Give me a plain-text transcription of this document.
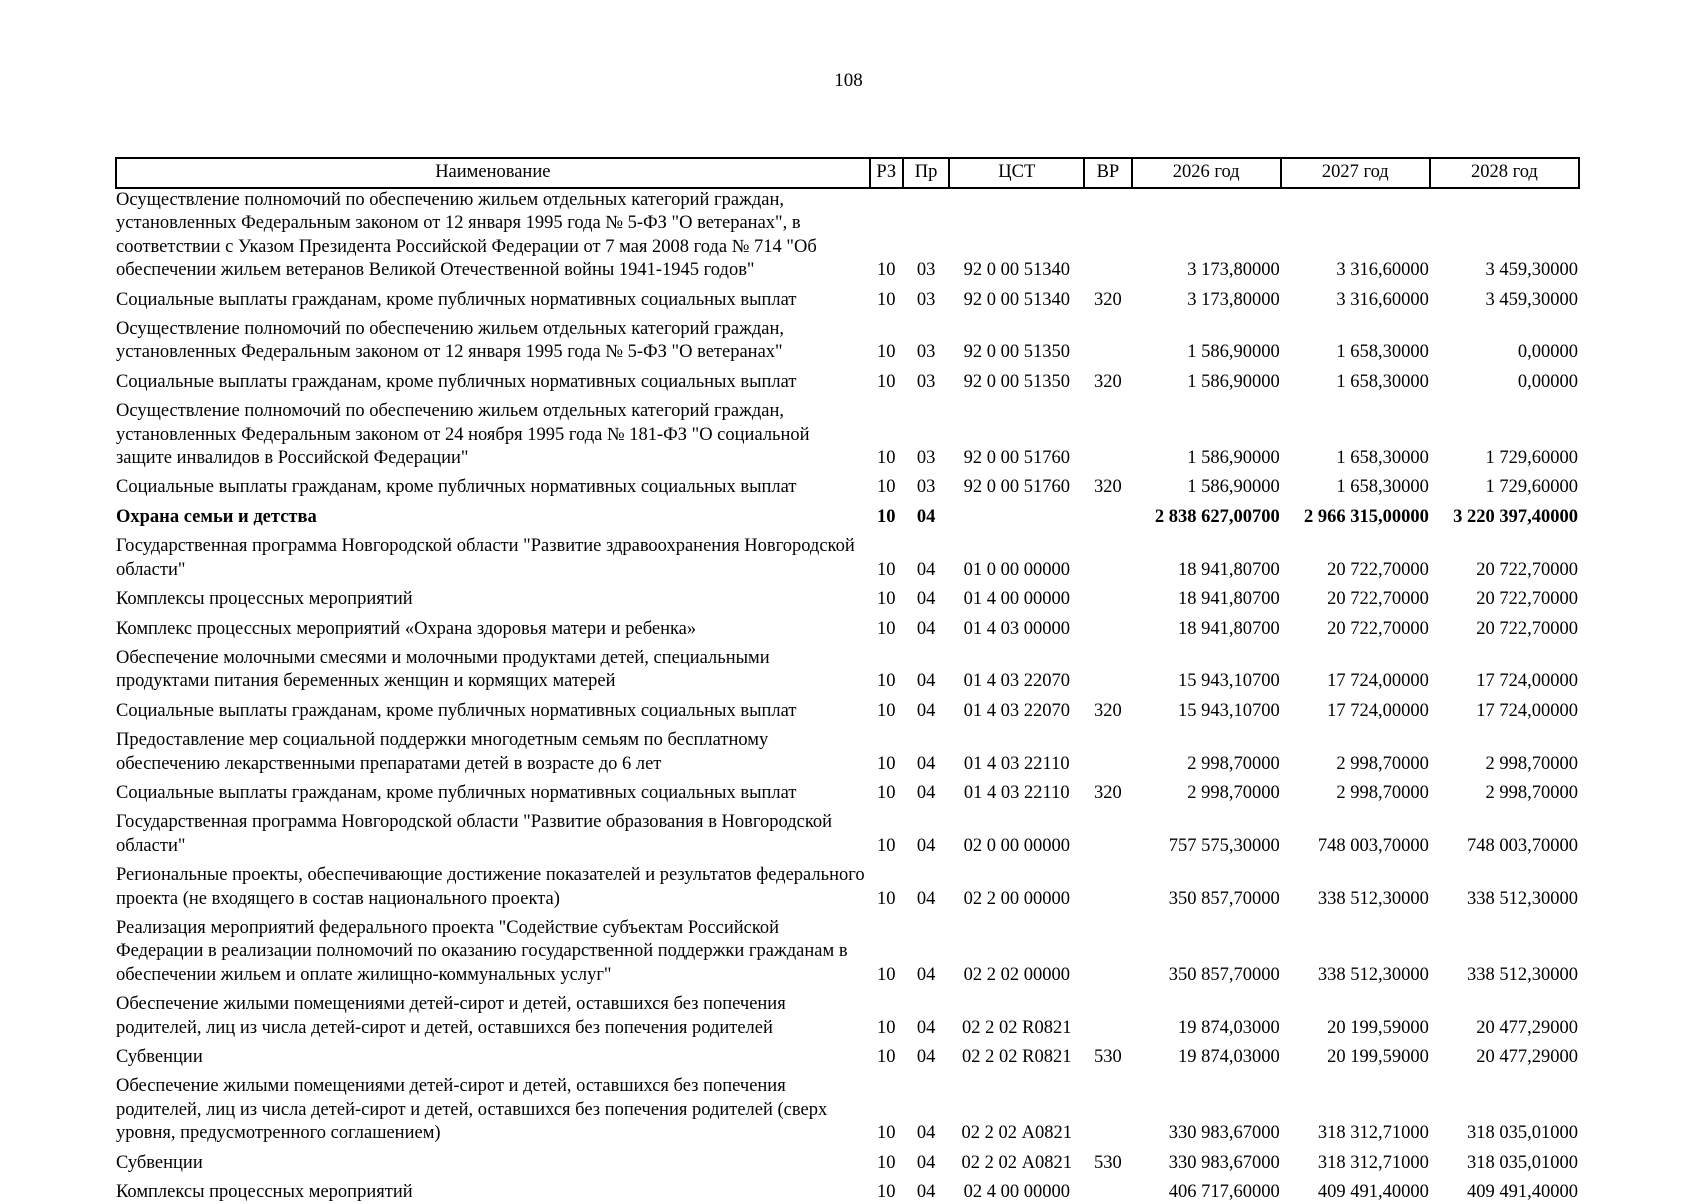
108
Наименование	РЗ	Пр	ЦСТ	ВР	2026 год	2027 год	2028 год
Осуществление полномочий по обеспечению жильем отдельных категорий граждан, установленных Федеральным законом от 12 января 1995 года № 5-ФЗ "О ветеранах", в соответствии с Указом Президента Российской Федерации от 7 мая 2008 года № 714 "Об обеспечении жильем ветеранов Великой Отечественной войны 1941-1945 годов"	10	03	92 0 00 51340		3 173,80000	3 316,60000	3 459,30000
Социальные выплаты гражданам, кроме публичных нормативных социальных выплат	10	03	92 0 00 51340	320	3 173,80000	3 316,60000	3 459,30000
Осуществление полномочий по обеспечению жильем отдельных категорий граждан, установленных Федеральным законом от 12 января 1995 года № 5-ФЗ "О ветеранах"	10	03	92 0 00 51350		1 586,90000	1 658,30000	0,00000
Социальные выплаты гражданам, кроме публичных нормативных социальных выплат	10	03	92 0 00 51350	320	1 586,90000	1 658,30000	0,00000
Осуществление полномочий по обеспечению жильем отдельных категорий граждан, установленных Федеральным законом от 24 ноября 1995 года № 181-ФЗ "О социальной защите инвалидов в Российской Федерации"	10	03	92 0 00 51760		1 586,90000	1 658,30000	1 729,60000
Социальные выплаты гражданам, кроме публичных нормативных социальных выплат	10	03	92 0 00 51760	320	1 586,90000	1 658,30000	1 729,60000
Охрана семьи и детства	10	04			2 838 627,00700	2 966 315,00000	3 220 397,40000
Государственная программа Новгородской области "Развитие здравоохранения Новгородской области"	10	04	01 0 00 00000		18 941,80700	20 722,70000	20 722,70000
Комплексы процессных мероприятий	10	04	01 4 00 00000		18 941,80700	20 722,70000	20 722,70000
Комплекс процессных мероприятий «Охрана здоровья матери и ребенка»	10	04	01 4 03 00000		18 941,80700	20 722,70000	20 722,70000
Обеспечение молочными смесями и молочными продуктами детей, специальными продуктами питания беременных женщин и кормящих матерей	10	04	01 4 03 22070		15 943,10700	17 724,00000	17 724,00000
Социальные выплаты гражданам, кроме публичных нормативных социальных выплат	10	04	01 4 03 22070	320	15 943,10700	17 724,00000	17 724,00000
Предоставление мер социальной поддержки многодетным семьям по бесплатному обеспечению лекарственными препаратами детей в возрасте до 6 лет	10	04	01 4 03 22110		2 998,70000	2 998,70000	2 998,70000
Социальные выплаты гражданам, кроме публичных нормативных социальных выплат	10	04	01 4 03 22110	320	2 998,70000	2 998,70000	2 998,70000
Государственная программа Новгородской области "Развитие образования в Новгородской области"	10	04	02 0 00 00000		757 575,30000	748 003,70000	748 003,70000
Региональные проекты, обеспечивающие достижение показателей и результатов федерального проекта (не входящего в состав национального проекта)	10	04	02 2 00 00000		350 857,70000	338 512,30000	338 512,30000
Реализация мероприятий федерального проекта "Содействие субъектам Российской Федерации в реализации полномочий по оказанию государственной поддержки гражданам в обеспечении жильем и оплате жилищно-коммунальных услуг"	10	04	02 2 02 00000		350 857,70000	338 512,30000	338 512,30000
Обеспечение жилыми помещениями детей-сирот и детей, оставшихся без попечения родителей, лиц из числа детей-сирот и детей, оставшихся без попечения родителей	10	04	02 2 02 R0821		19 874,03000	20 199,59000	20 477,29000
Субвенции	10	04	02 2 02 R0821	530	19 874,03000	20 199,59000	20 477,29000
Обеспечение жилыми помещениями детей-сирот и детей, оставшихся без попечения родителей, лиц из числа детей-сирот и детей, оставшихся без попечения родителей (сверх уровня, предусмотренного соглашением)	10	04	02 2 02 А0821		330 983,67000	318 312,71000	318 035,01000
Субвенции	10	04	02 2 02 А0821	530	330 983,67000	318 312,71000	318 035,01000
Комплексы процессных мероприятий	10	04	02 4 00 00000		406 717,60000	409 491,40000	409 491,40000
